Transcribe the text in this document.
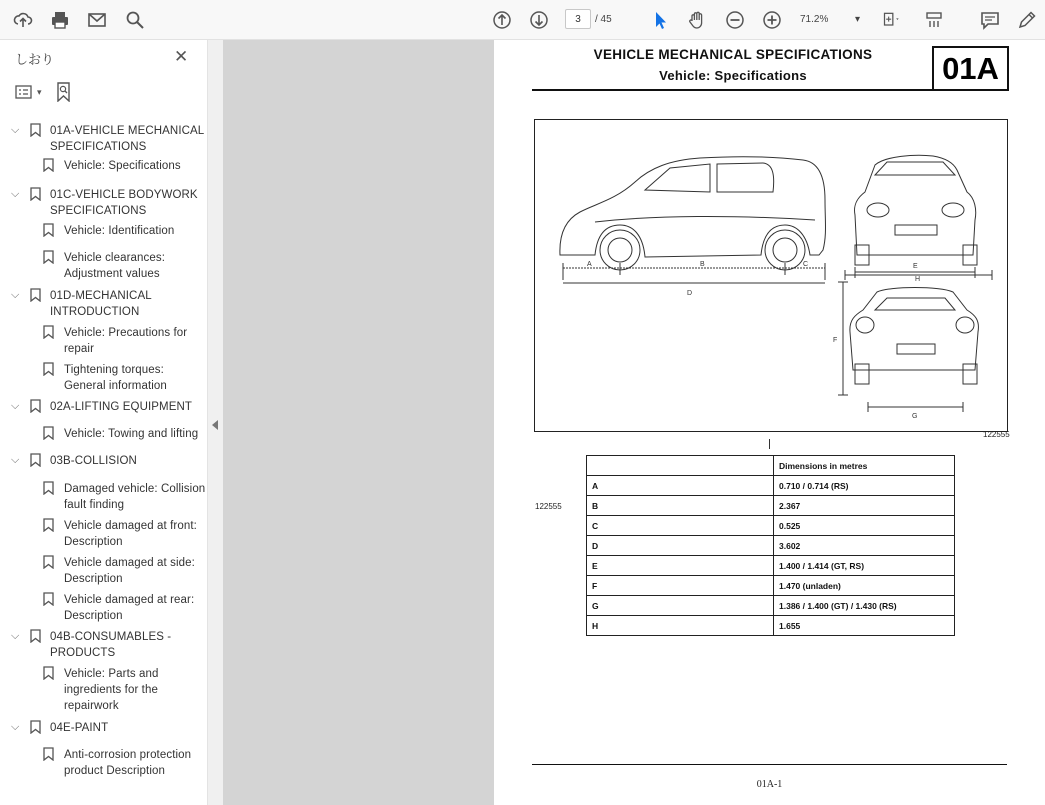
3
/ 45	71.2%	▾
しおり	✕
▾
⌵	01A-VEHICLE MECHANICAL SPECIFICATIONS
Vehicle: Specifications
⌵	01C-VEHICLE BODYWORK SPECIFICATIONS
Vehicle: Identification
Vehicle clearances: Adjustment values
⌵	01D-MECHANICAL INTRODUCTION
Vehicle: Precautions for repair
Tightening torques: General information
⌵	02A-LIFTING EQUIPMENT
Vehicle: Towing and lifting
⌵	03B-COLLISION
Damaged vehicle: Collision fault finding
Vehicle damaged at front: Description
Vehicle damaged at side: Description
Vehicle damaged at rear: Description
⌵	04B-CONSUMABLES - PRODUCTS
Vehicle: Parts and ingredients for the repairwork
⌵	04E-PAINT
Anti-corrosion protection product Description
VEHICLE MECHANICAL SPECIFICATIONS
Vehicle: Specifications	01A
A	B	C
D
E
H
F
G
122555
122555
	Dimensions in metres
A	0.710 / 0.714 (RS)
B	2.367
C	0.525
D	3.602
E	1.400 / 1.414 (GT, RS)
F	1.470 (unladen)
G	1.386 / 1.400 (GT) / 1.430 (RS)
H	1.655
01A-1
